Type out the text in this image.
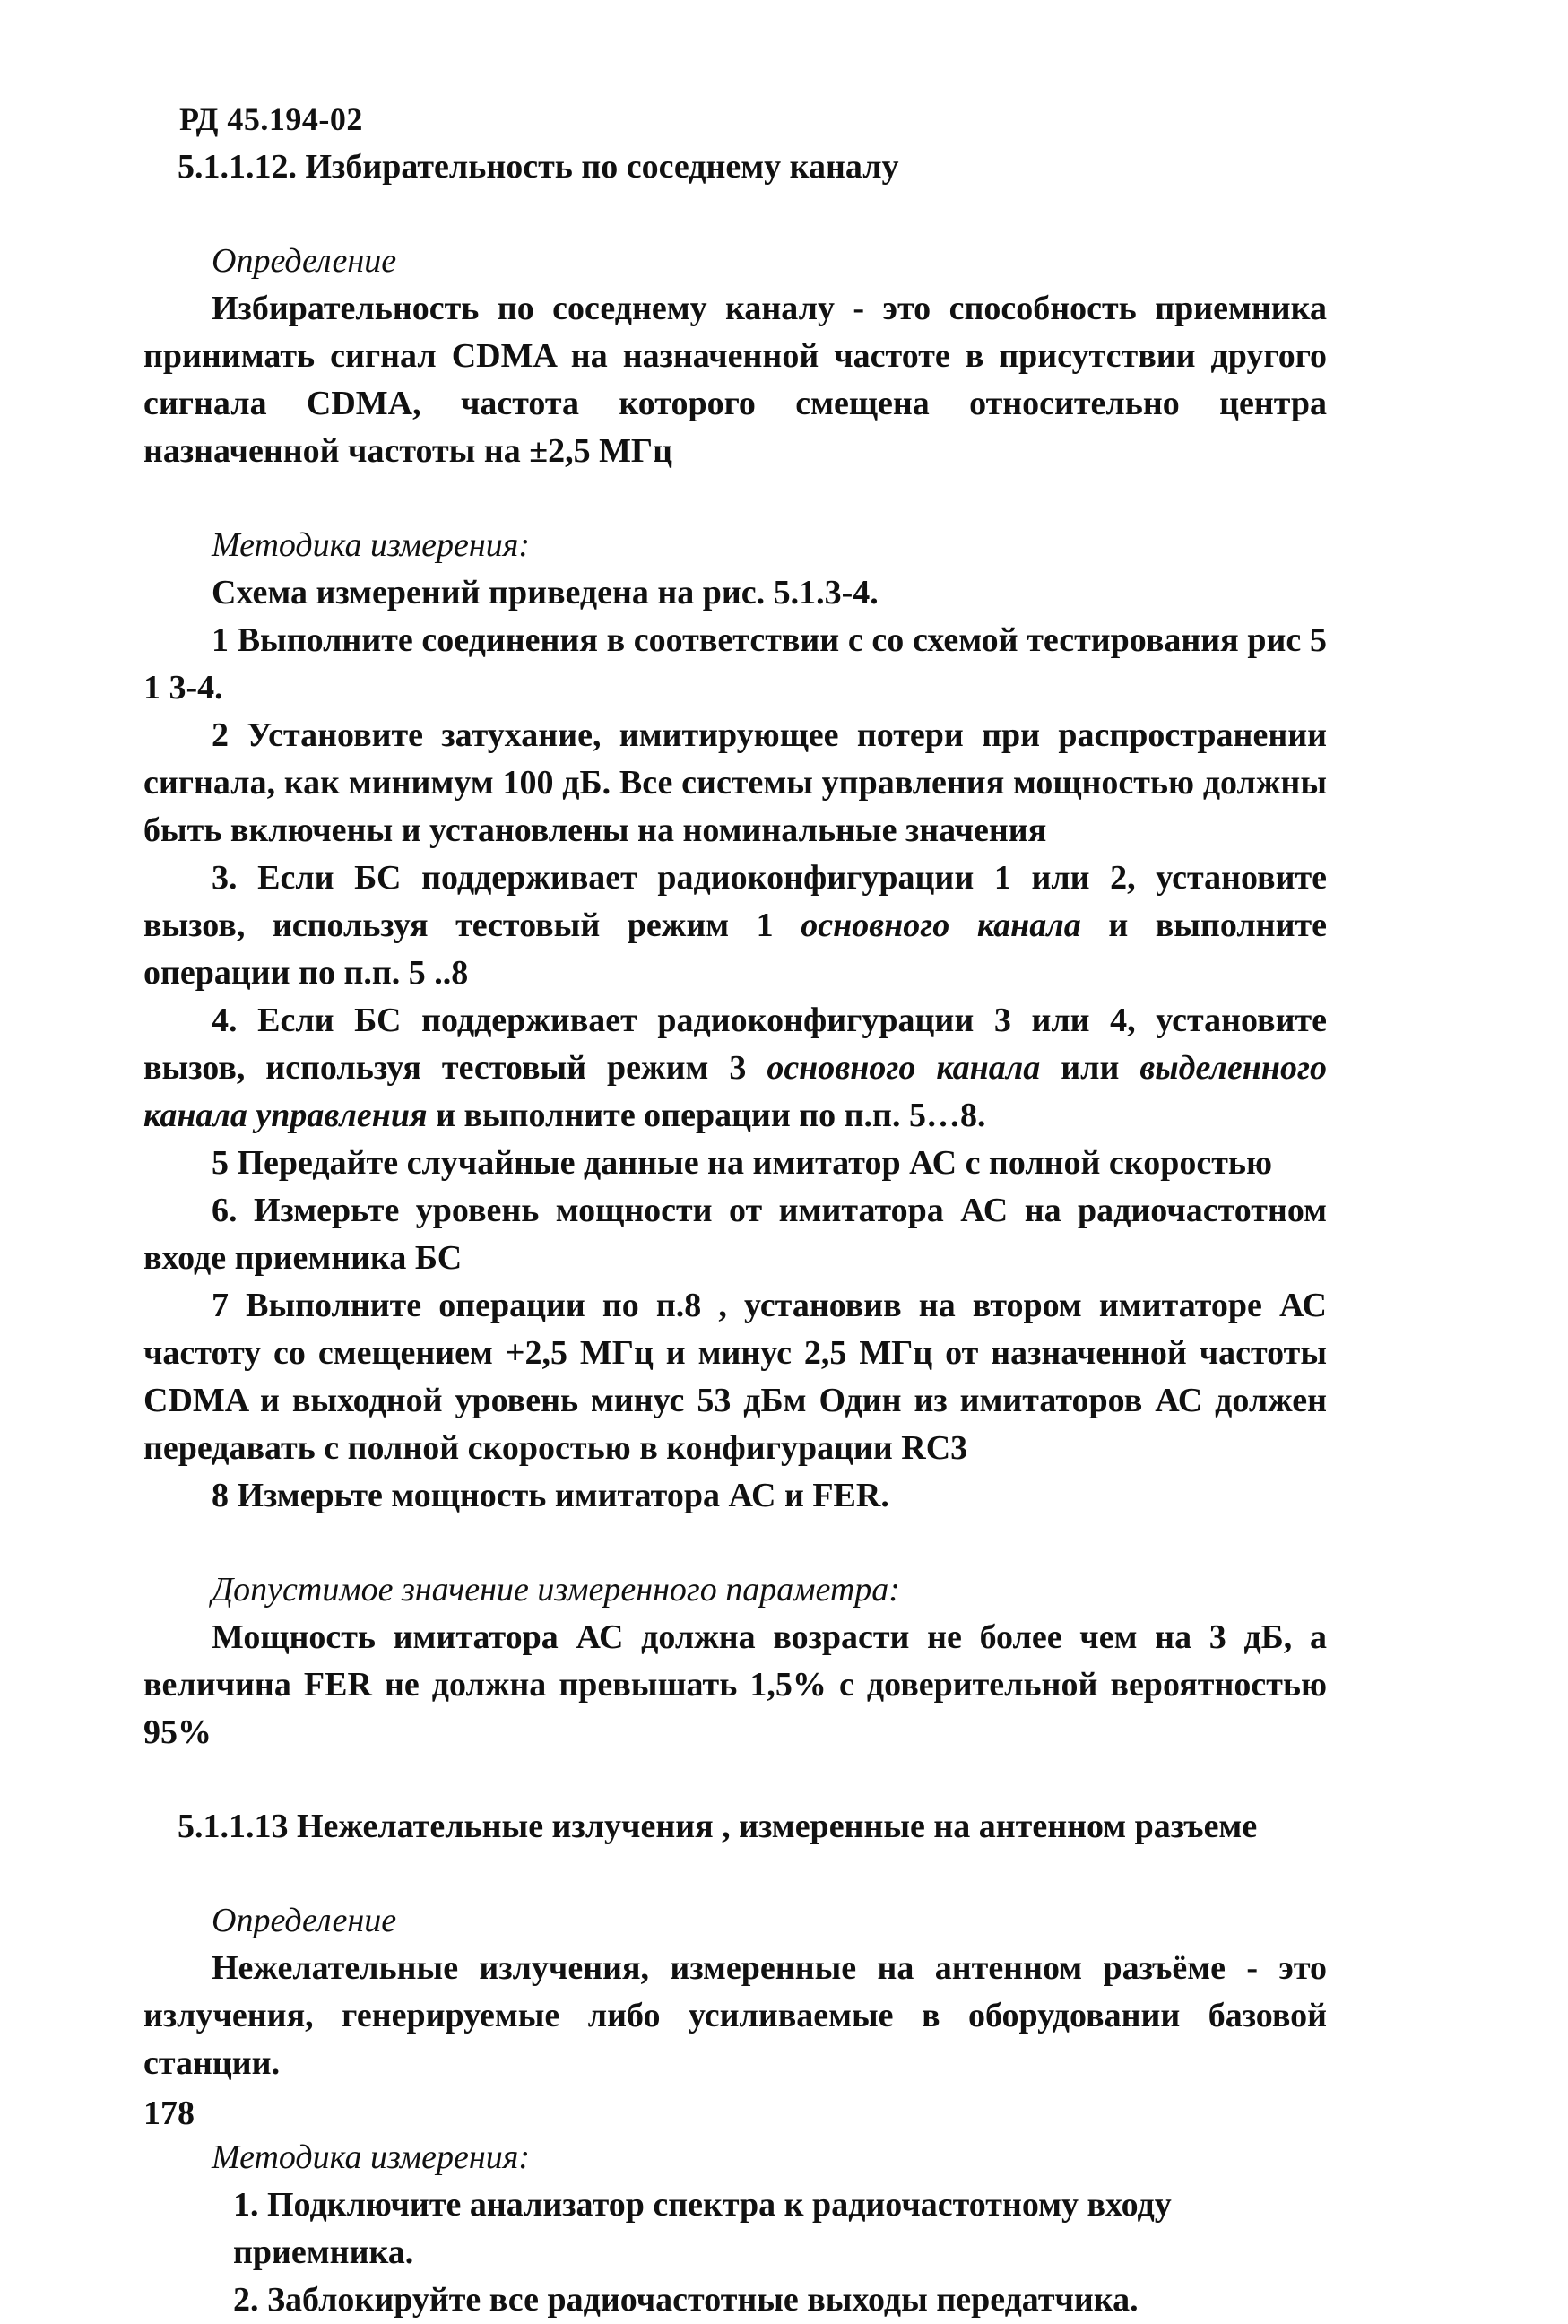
РД 45.194-02
5.1.1.12. Избирательность по соседнему каналу
Определение

Избирательность по соседнему каналу - это способность приемника принимать сигнал CDMA на назначенной частоте в присутствии другого сигнала CDMA, частота которого смещена относительно центра назначенной частоты на ±2,5 МГц

Методика измерения:

Схема измерений приведена на рис. 5.1.3-4.

1 Выполните соединения в соответствии с со схемой тестирования рис 5 1 3-4.

2 Установите затухание, имитирующее потери при распространении сигнала, как минимум 100 дБ. Все системы управления мощностью должны быть включены и установлены на номинальные значения

3. Если БС поддерживает радиоконфигурации 1 или 2, установите вызов, используя тестовый режим 1 основного канала и выполните операции по п.п. 5 ..8

4. Если БС поддерживает радиоконфигурации 3 или 4, установите вызов, используя тестовый режим 3 основного канала или выделенного канала управления и выполните операции по п.п. 5…8.

5 Передайте случайные данные на имитатор АС с полной скоростью

6. Измерьте уровень мощности от имитатора АС на радиочастотном входе приемника БС

7 Выполните операции по п.8 , установив на втором имитаторе АС частоту со смещением +2,5 МГц и минус 2,5 МГц от назначенной частоты CDMA и выходной уровень минус 53 дБм Один из имитаторов АС должен передавать с полной скоростью в конфигурации RC3

8 Измерьте мощность имитатора АС и FER.

Допустимое значение измеренного параметра:

Мощность имитатора АС должна возрасти не более чем на 3 дБ, а величина FER не должна превышать 1,5% с доверительной вероятностью 95%

5.1.1.13 Нежелательные излучения , измеренные на антенном разъеме
Определение

Нежелательные излучения, измеренные на антенном разъёме - это излучения, генерируемые либо усиливаемые в оборудовании базовой станции.

Методика измерения:
1. Подключите анализатор спектра к радиочастотному входу приемника.
2. Заблокируйте все радиочастотные выходы передатчика.
178
